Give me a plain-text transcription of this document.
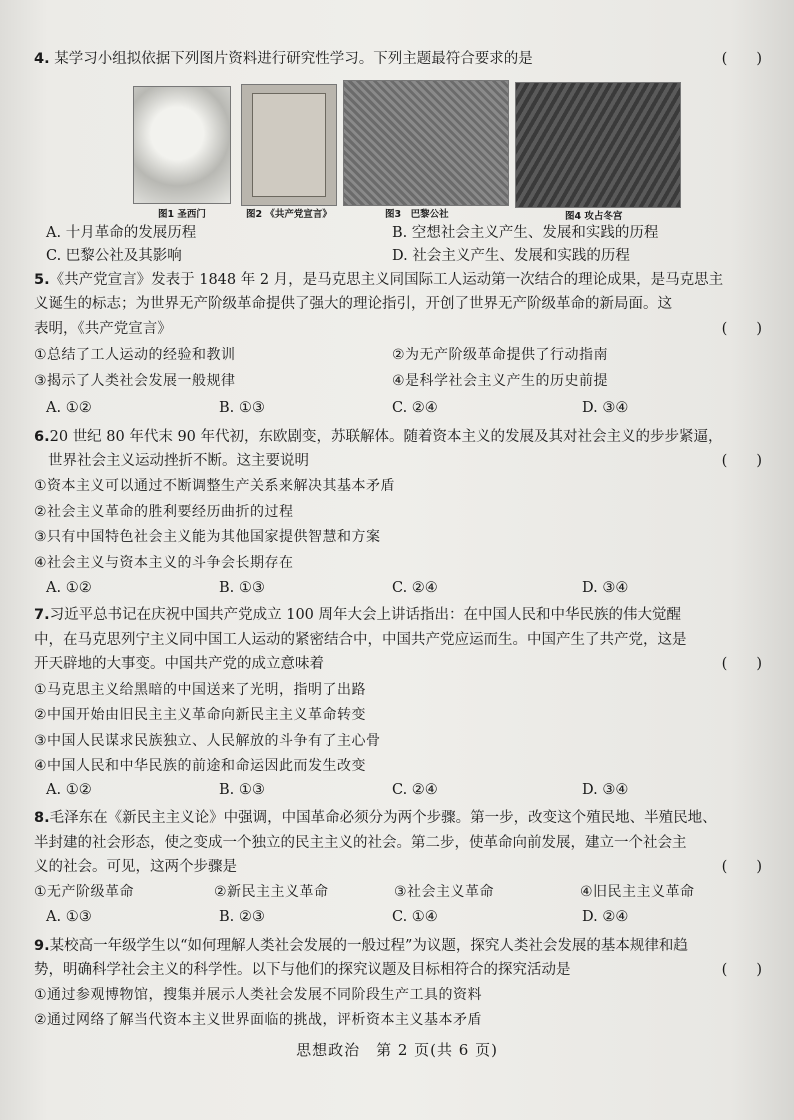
4. 某学习小组拟依据下列图片资料进行研究性学习。下列主题最符合要求的是	(　　)
图1 圣西门	图2 《共产党宣言》	图3　巴黎公社	图4 攻占冬宫
A. 十月革命的发展历程	B. 空想社会主义产生、发展和实践的历程
C. 巴黎公社及其影响	D. 社会主义产生、发展和实践的历程
5.《共产党宣言》发表于 1848 年 2 月，是马克思主义同国际工人运动第一次结合的理论成果，是马克思主
义诞生的标志；为世界无产阶级革命提供了强大的理论指引，开创了世界无产阶级革命的新局面。这
表明，《共产党宣言》	(　　)
①总结了工人运动的经验和教训	②为无产阶级革命提供了行动指南
③揭示了人类社会发展一般规律	④是科学社会主义产生的历史前提
A. ①②	B. ①③	C. ②④	D. ③④
6.20 世纪 80 年代末 90 年代初，东欧剧变，苏联解体。随着资本主义的发展及其对社会主义的步步紧逼，
世界社会主义运动挫折不断。这主要说明	(　　)
①资本主义可以通过不断调整生产关系来解决其基本矛盾
②社会主义革命的胜利要经历曲折的过程
③只有中国特色社会主义能为其他国家提供智慧和方案
④社会主义与资本主义的斗争会长期存在
A. ①②	B. ①③	C. ②④	D. ③④
7.习近平总书记在庆祝中国共产党成立 100 周年大会上讲话指出：在中国人民和中华民族的伟大觉醒
中，在马克思列宁主义同中国工人运动的紧密结合中，中国共产党应运而生。中国产生了共产党，这是
开天辟地的大事变。中国共产党的成立意味着	(　　)
①马克思主义给黑暗的中国送来了光明，指明了出路
②中国开始由旧民主主义革命向新民主主义革命转变
③中国人民谋求民族独立、人民解放的斗争有了主心骨
④中国人民和中华民族的前途和命运因此而发生改变
A. ①②	B. ①③	C. ②④	D. ③④
8.毛泽东在《新民主主义论》中强调，中国革命必须分为两个步骤。第一步，改变这个殖民地、半殖民地、
半封建的社会形态，使之变成一个独立的民主主义的社会。第二步，使革命向前发展，建立一个社会主
义的社会。可见，这两个步骤是	(　　)
①无产阶级革命	②新民主主义革命	③社会主义革命	④旧民主主义革命
A. ①③	B. ②③	C. ①④	D. ②④
9.某校高一年级学生以“如何理解人类社会发展的一般过程”为议题，探究人类社会发展的基本规律和趋
势，明确科学社会主义的科学性。以下与他们的探究议题及目标相符合的探究活动是	(　　)
①通过参观博物馆，搜集并展示人类社会发展不同阶段生产工具的资料
②通过网络了解当代资本主义世界面临的挑战，评析资本主义基本矛盾
思想政治　第 2 页(共 6 页)
